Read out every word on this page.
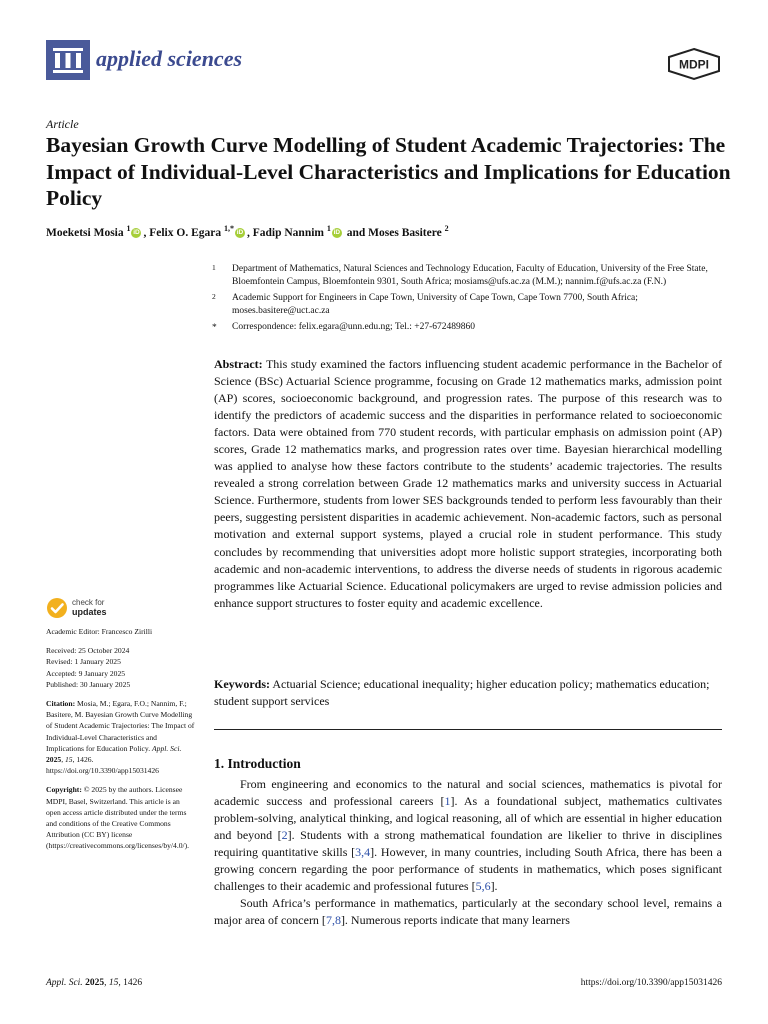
applied sciences	MDPI
Article
Bayesian Growth Curve Modelling of Student Academic Trajectories: The Impact of Individual-Level Characteristics and Implications for Education Policy
Moeketsi Mosia $^1$ iD , Felix O. Egara $^{1,*}$ iD , Fadip Nannim $^1$ iD and Moses Basitere $^2$
1 Department of Mathematics, Natural Sciences and Technology Education, Faculty of Education, University of the Free State, Bloemfontein Campus, Bloemfontein 9301, South Africa; mosiams@ufs.ac.za (M.M.); nannim.f@ufs.ac.za (F.N.)
2 Academic Support for Engineers in Cape Town, University of Cape Town, Cape Town 7700, South Africa; moses.basitere@uct.ac.za
* Correspondence: felix.egara@unn.edu.ng; Tel.: +27-672489860
Abstract: This study examined the factors influencing student academic performance in the Bachelor of Science (BSc) Actuarial Science programme, focusing on Grade 12 mathematics marks, admission point (AP) scores, socioeconomic background, and progression rates. The purpose of this research was to identify the predictors of academic success and the disparities in performance related to socioeconomic factors. Data were obtained from 770 student records, with particular emphasis on admission point (AP) scores, Grade 12 mathematics marks, and progression rates over time. Bayesian hierarchical modelling was applied to analyse how these factors contribute to the students’ academic trajectories. The results revealed a strong correlation between Grade 12 mathematics marks and university success in Actuarial Science. Furthermore, students from lower SES backgrounds tended to perform less favourably than their peers, suggesting persistent disparities in academic achievement. Non-academic factors, such as personal motivation and external support systems, played a crucial role in student performance. This study concludes by recommending that universities adopt more holistic support strategies, incorporating both academic and non-academic interventions, to address the diverse needs of students in rigorous academic programmes like Actuarial Science. Educational policymakers are urged to revise admission policies and enhance support structures to foster equity and academic excellence.
Keywords: Actuarial Science; educational inequality; higher education policy; mathematics education; student support services
1. Introduction

From engineering and economics to the natural and social sciences, mathematics is pivotal for academic success and professional careers [1]. As a foundational subject, mathematics cultivates problem-solving, analytical thinking, and logical reasoning, all of which are essential in higher education and beyond [2]. Students with a strong mathematical foundation are likelier to thrive in disciplines requiring quantitative skills [3,4]. However, in many countries, including South Africa, there has been a growing concern regarding the poor performance of students in mathematics, which poses significant challenges to their academic and professional futures [5,6].

South Africa’s performance in mathematics, particularly at the secondary school level, remains a major area of concern [7,8]. Numerous reports indicate that many learners

check for
updates
Academic Editor: Francesco Zirilli
Received: 25 October 2024
Revised: 1 January 2025
Accepted: 9 January 2025
Published: 30 January 2025
Citation: Mosia, M.; Egara, F.O.; Nannim, F.; Basitere, M. Bayesian Growth Curve Modelling of Student Academic Trajectories: The Impact of Individual-Level Characteristics and Implications for Education Policy. Appl. Sci. 2025, 15, 1426. https://doi.org/10.3390/app15031426
Copyright: © 2025 by the authors. Licensee MDPI, Basel, Switzerland. This article is an open access article distributed under the terms and conditions of the Creative Commons Attribution (CC BY) license (https://creativecommons.org/licenses/by/4.0/).
Appl. Sci. 2025, 15, 1426	https://doi.org/10.3390/app15031426
